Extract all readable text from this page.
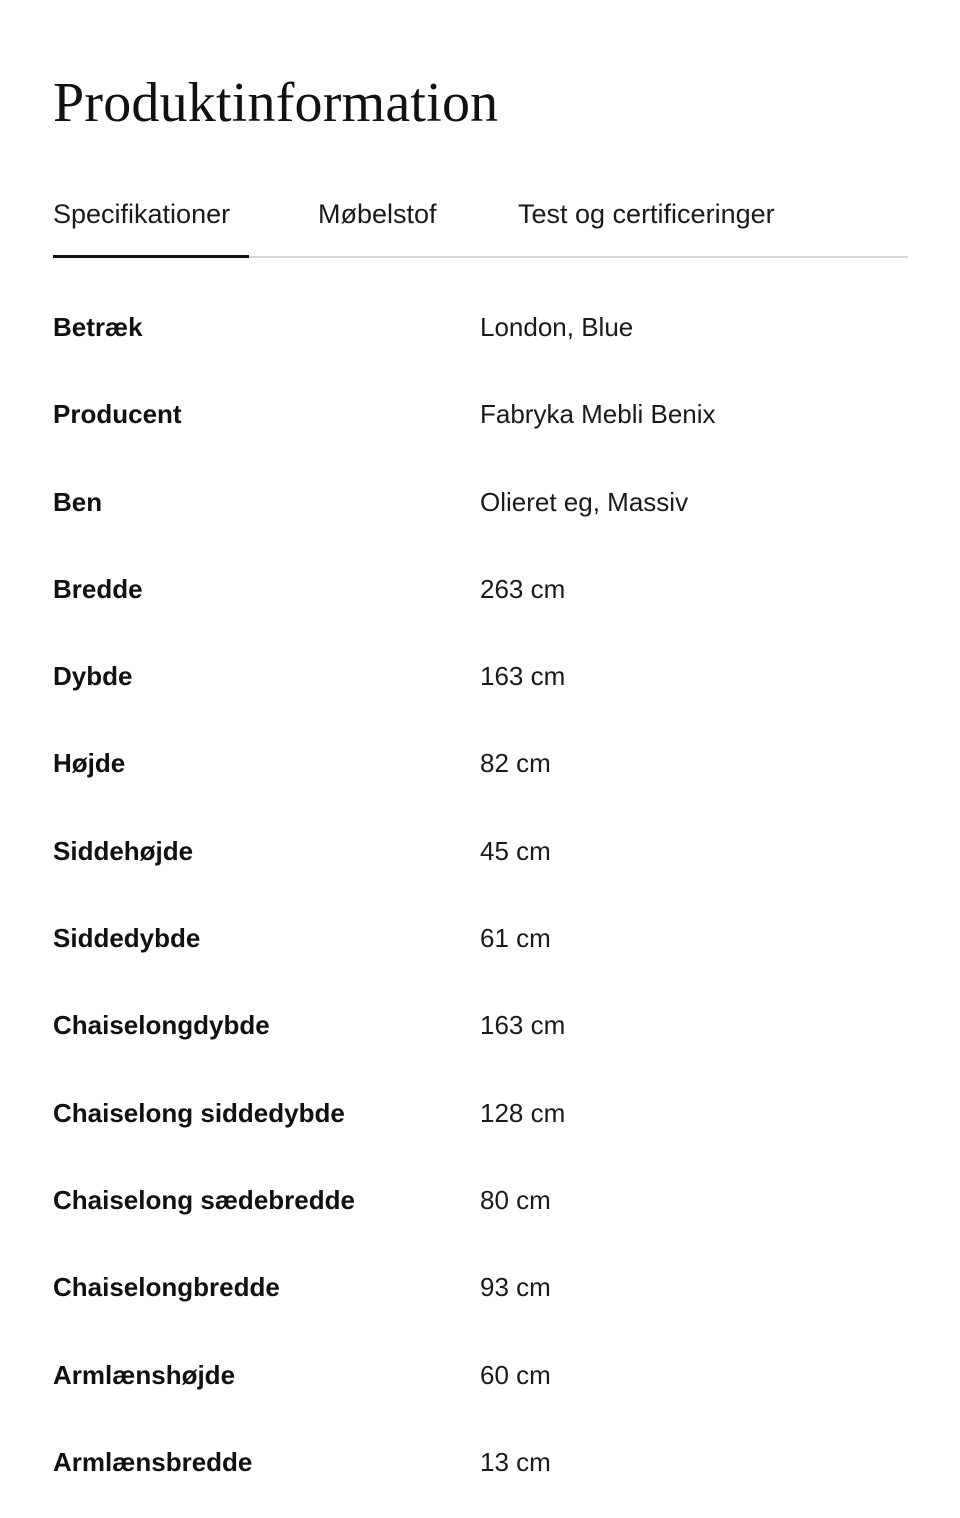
Produktinformation
Specifikationer	Møbelstof	Test og certificeringer
Betræk	London, Blue
Producent	Fabryka Mebli Benix
Ben	Olieret eg, Massiv
Bredde	263 cm
Dybde	163 cm
Højde	82 cm
Siddehøjde	45 cm
Siddedybde	61 cm
Chaiselongdybde	163 cm
Chaiselong siddedybde	128 cm
Chaiselong sædebredde	80 cm
Chaiselongbredde	93 cm
Armlænshøjde	60 cm
Armlænsbredde	13 cm
